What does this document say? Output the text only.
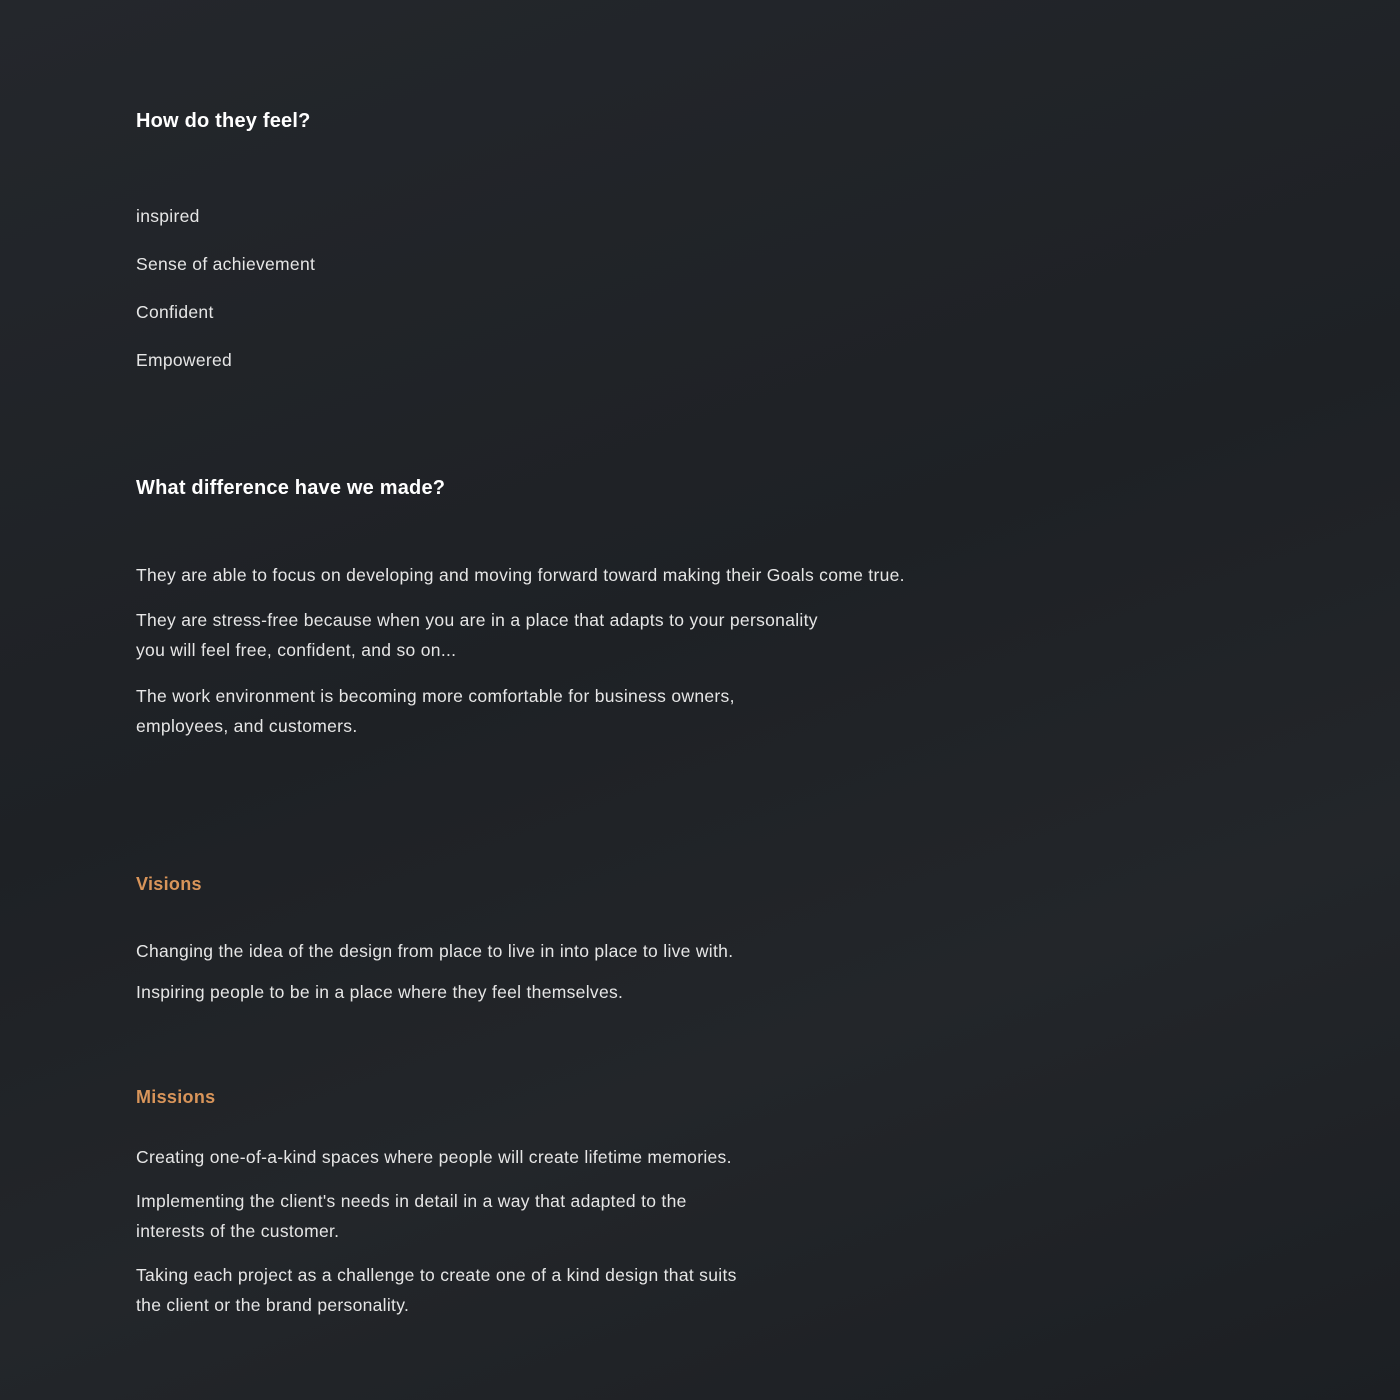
How do they feel?

inspired

Sense of achievement

Confident

Empowered

What difference have we made?

They are able to focus on developing and moving forward toward making their Goals come true.

They are stress-free because when you are in a place that adapts to your personality

you will feel free, confident, and so on...

The work environment is becoming more comfortable for business owners,

employees, and customers.

Visions

Changing the idea of the design from place to live in into place to live with.

Inspiring people to be in a place where they feel themselves.

Missions

Creating one-of-a-kind spaces where people will create lifetime memories.

Implementing the client's needs in detail in a way that adapted to the

interests of the customer.

Taking each project as a challenge to create one of a kind design that suits

the client or the brand personality.
